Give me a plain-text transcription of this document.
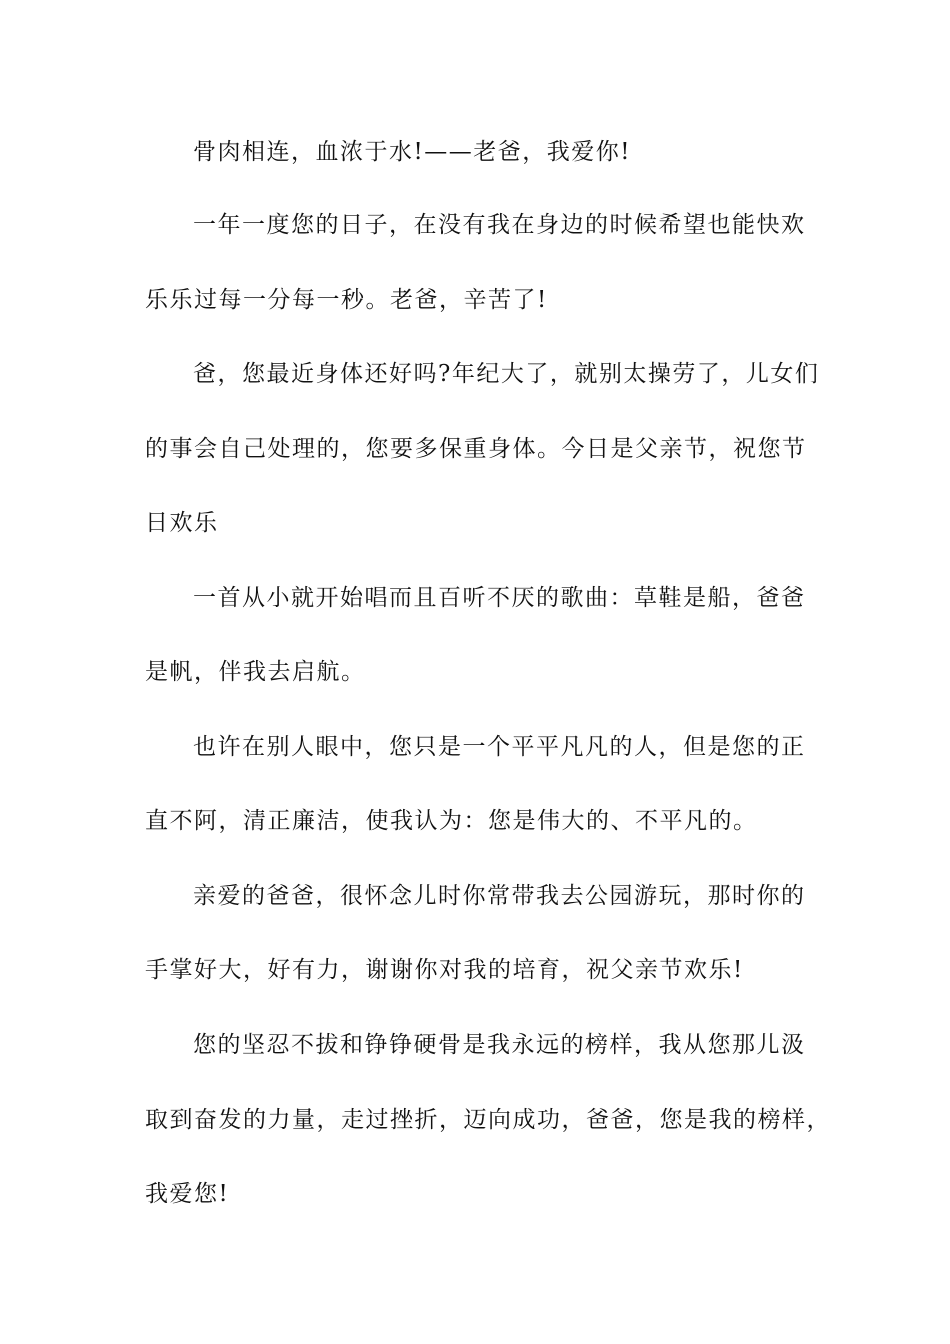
骨肉相连，血浓于水!——老爸，我爱你!

一年一度您的日子，在没有我在身边的时候希望也能快欢

乐乐过每一分每一秒。老爸，辛苦了!

爸，您最近身体还好吗?年纪大了，就别太操劳了，儿女们

的事会自己处理的，您要多保重身体。今日是父亲节，祝您节

日欢乐

一首从小就开始唱而且百听不厌的歌曲：草鞋是船，爸爸

是帆，伴我去启航。

也许在别人眼中，您只是一个平平凡凡的人，但是您的正

直不阿，清正廉洁，使我认为：您是伟大的、不平凡的。

亲爱的爸爸，很怀念儿时你常带我去公园游玩，那时你的

手掌好大，好有力，谢谢你对我的培育，祝父亲节欢乐!

您的坚忍不拔和铮铮硬骨是我永远的榜样，我从您那儿汲

取到奋发的力量，走过挫折，迈向成功，爸爸，您是我的榜样，

我爱您!
